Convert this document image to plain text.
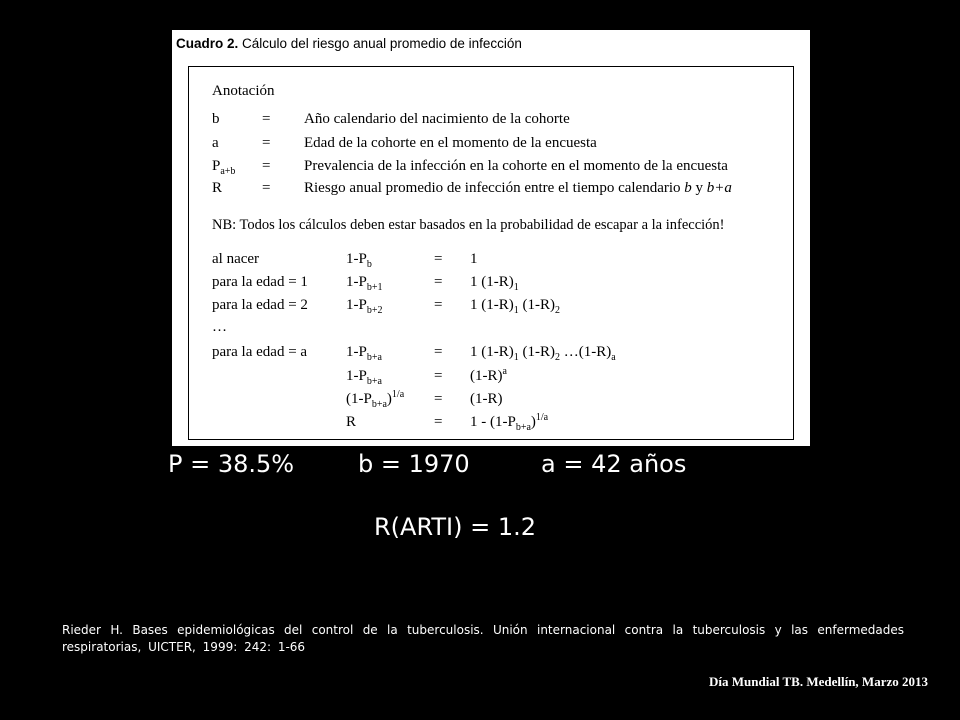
Cuadro 2. Cálculo del riesgo anual promedio de infección
Anotación
b	= Año calendario del nacimiento de la cohorte
a	= Edad de la cohorte en el momento de la encuesta
$P_{a+b}$ = Prevalencia de la infección en la cohorte en el momento de la encuesta
R	= Riesgo anual promedio de infección entre el tiempo calendario b y b+a
NB: Todos los cálculos deben estar basados en la probabilidad de escapar a la infección!
al nacer	$1-P_b$	= 1
para la edad = 1	$1-P_{b+1}$	= 1 $(1-R)_1$
para la edad = 2	$1-P_{b+2}$	= 1 $(1-R)_1$ $(1-R)_2$
…
para la edad = a	$1-P_{b+a}$	= 1 $(1-R)_1$ $(1-R)_2$ $\dots(1-R)_a$
$1-P_{b+a}$	= $(1-R)^a$
$(1-P_{b+a})^{1/a} = (1-R)$
R	= $1 - (1-P_{b+a})^{1/a}$
P = 38.5%	b = 1970	a = 42 años
R(ARTI) = 1.2
Rieder H. Bases epidemiológicas del control de la tuberculosis. Unión internacional contra la tuberculosis y las enfermedades respiratorias, UICTER, 1999: 242: 1-66
Día Mundial TB. Medellín, Marzo 2013
